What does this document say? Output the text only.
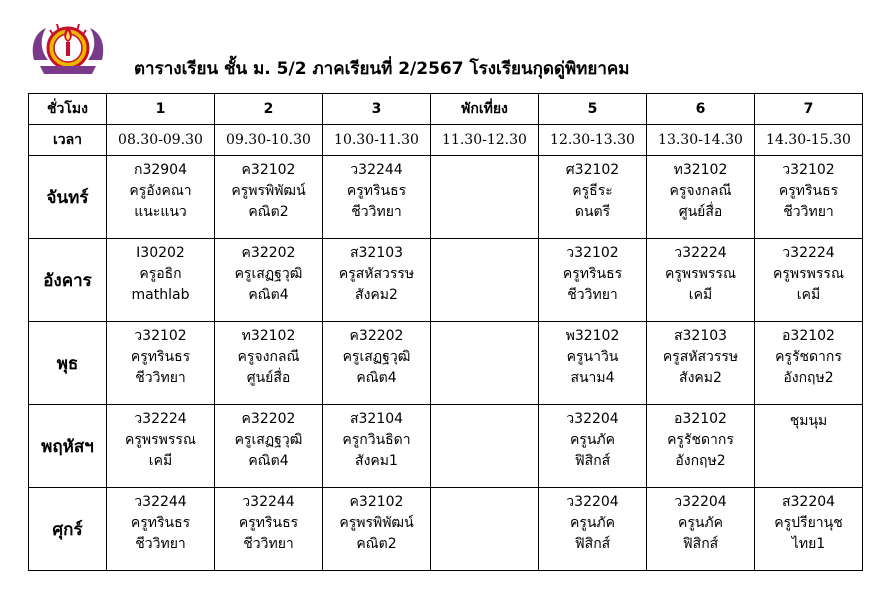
ตารางเรียน ชั้น ม. 5/2 ภาคเรียนที่ 2/2567 โรงเรียนกุดดู่พิทยาคม
ชั่วโมง	1	2	3	พักเที่ยง	5	6	7
เวลา	08.30-09.30	09.30-10.30	10.30-11.30	11.30-12.30	12.30-13.30	13.30-14.30	14.30-15.30
จันทร์	ก32904
ครูอังคณา
แนะแนว	ค32102
ครูพรพิพัฒน์
คณิต2	ว32244
ครูทรินธร
ชีววิทยา		ศ32102
ครูธีระ
ดนตรี	ท32102
ครูจงกลณี
ศูนย์สื่อ	ว32102
ครูทรินธร
ชีววิทยา

อังคาร	I30202
ครูอธิก
mathlab	ค32202
ครูเสฏฐวุฒิ
คณิต4	ส32103
ครูสหัสวรรษ
สังคม2		ว32102
ครูทรินธร
ชีววิทยา	ว32224
ครูพรพรรณ
เคมี	ว32224
ครูพรพรรณ
เคมี

พุธ	ว32102
ครูทรินธร
ชีววิทยา	ท32102
ครูจงกลณี
ศูนย์สื่อ	ค32202
ครูเสฏฐวุฒิ
คณิต4		พ32102
ครูนาวิน
สนาม4	ส32103
ครูสหัสวรรษ
สังคม2	อ32102
ครูรัชดากร
อังกฤษ2

พฤหัสฯ	ว32224
ครูพรพรรณ
เคมี	ค32202
ครูเสฏฐวุฒิ
คณิต4	ส32104
ครูกวินธิดา
สังคม1		ว32204
ครูนภัค
ฟิสิกส์	อ32102
ครูรัชดากร
อังกฤษ2	ชุมนุม

ศุกร์	ว32244
ครูทรินธร
ชีววิทยา	ว32244
ครูทรินธร
ชีววิทยา	ค32102
ครูพรพิพัฒน์
คณิต2		ว32204
ครูนภัค
ฟิสิกส์	ว32204
ครูนภัค
ฟิสิกส์	ส32204
ครูปรียานุช
ไทย1
